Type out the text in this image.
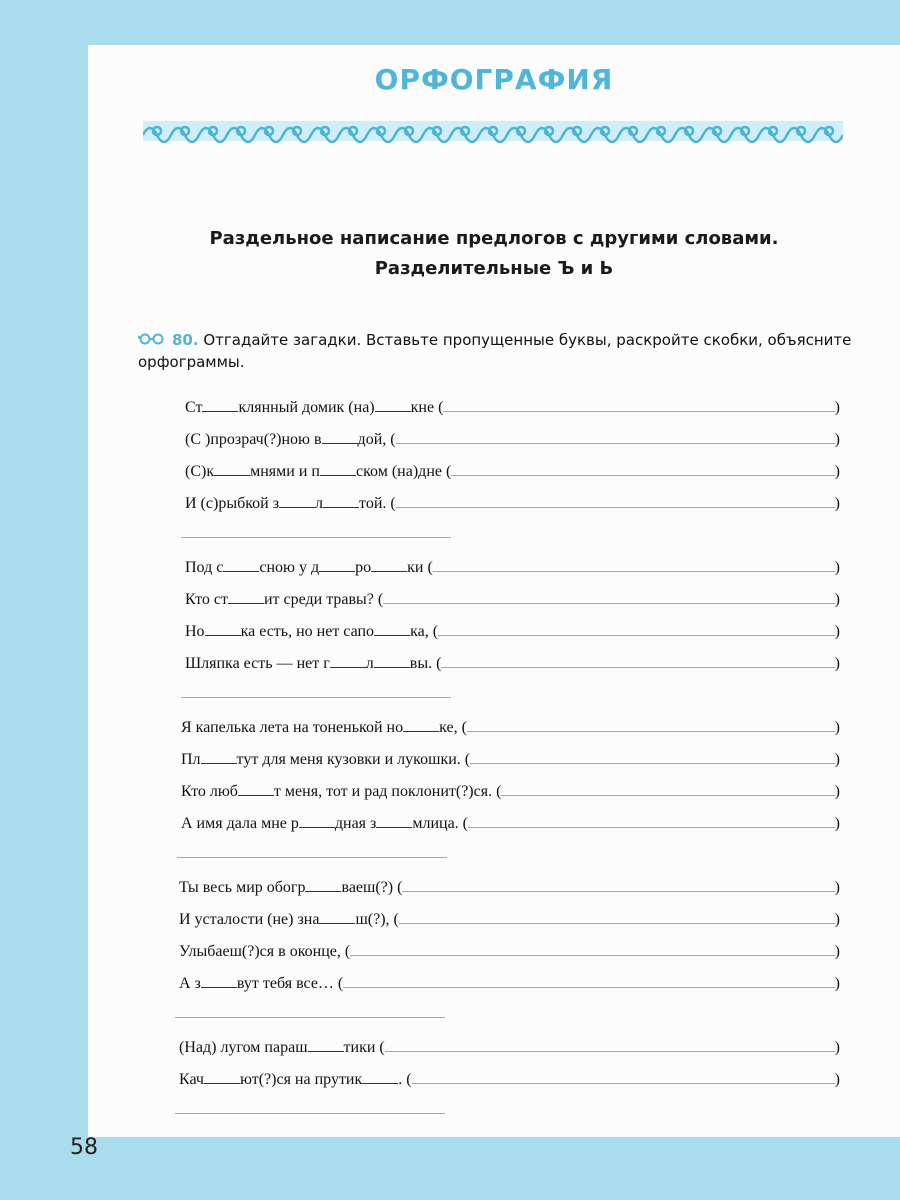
ОРФОГРАФИЯ
Раздельное написание предлогов с другими словами.
Разделительные Ъ и Ь
80. Отгадайте загадки. Вставьте пропущенные буквы, раскройте скобки, объясните орфограммы.
Ст клянный домик (на) кне (	)
(С )прозрач(?)ною в дой, (	)
(С)к мнями и п ском (на)дне (	)
И (с)рыбкой з л той. (	)
Под с сною у д ро ки (	)
Кто ст ит среди травы? (	)
Но ка есть, но нет сапо ка, (	)
Шляпка есть — нет г л вы. (	)
Я капелька лета на тоненькой но ке, (	)
Пл тут для меня кузовки и лукошки. (	)
Кто люб т меня, тот и рад поклонит(?)ся. (	)
А имя дала мне р дная з млица. (	)
Ты весь мир обогр ваеш(?) (	)
И усталости (не) зна ш(?), (	)
Улыбаеш(?)ся в оконце, (	)
А з вут тебя все… (	)
(Над) лугом параш тики (	)
Кач ют(?)ся на прутик . (	)
58
